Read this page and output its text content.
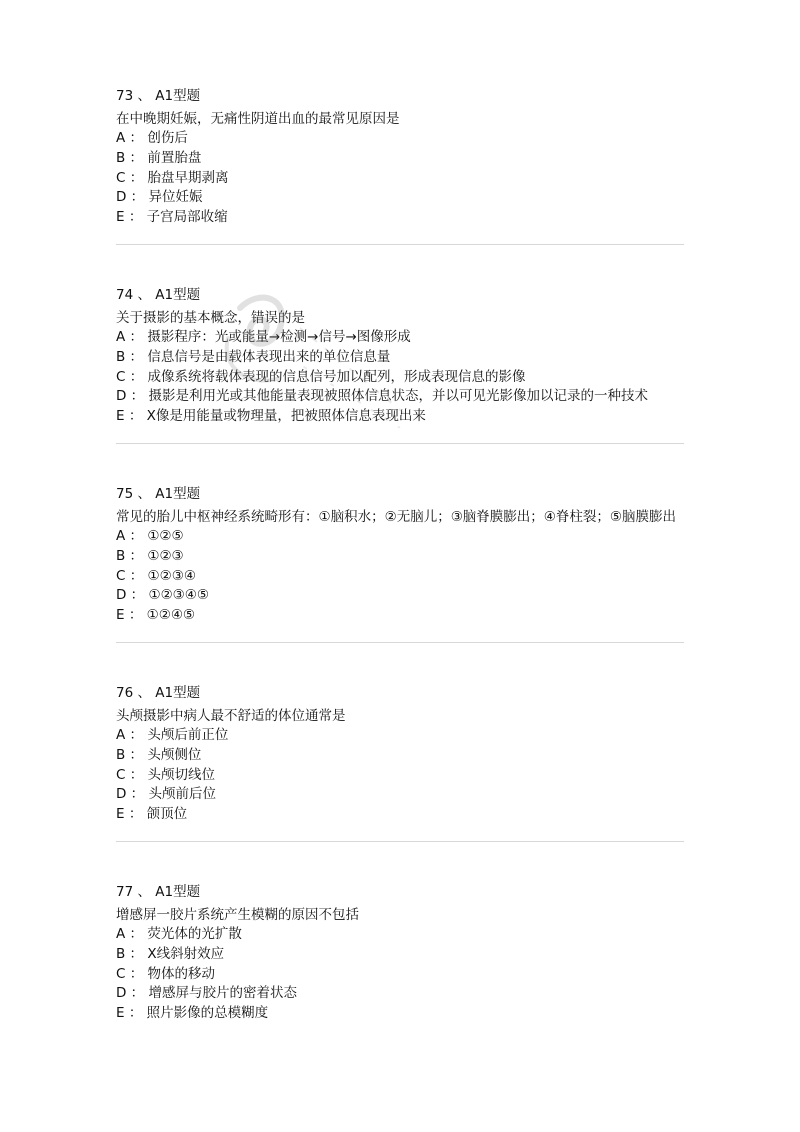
73 、 A1型题
在中晚期妊娠，无痛性阴道出血的最常见原因是
A ： 创伤后
B ： 前置胎盘
C ： 胎盘早期剥离
D ： 异位妊娠
E ： 子宫局部收缩
74 、 A1型题
关于摄影的基本概念，错误的是
A ： 摄影程序：光或能量→检测→信号→图像形成
B ： 信息信号是由载体表现出来的单位信息量
C ： 成像系统将载体表现的信息信号加以配列，形成表现信息的影像
D ： 摄影是利用光或其他能量表现被照体信息状态，并以可见光影像加以记录的一种技术
E ： X像是用能量或物理量，把被照体信息表现出来
75 、 A1型题
常见的胎儿中枢神经系统畸形有：①脑积水；②无脑儿；③脑脊膜膨出；④脊柱裂；⑤脑膜膨出
A ： ①②⑤
B ： ①②③
C ： ①②③④
D ： ①②③④⑤
E ： ①②④⑤
76 、 A1型题
头颅摄影中病人最不舒适的体位通常是
A ： 头颅后前正位
B ： 头颅侧位
C ： 头颅切线位
D ： 头颅前后位
E ： 颌顶位
77 、 A1型题
增感屏一胶片系统产生模糊的原因不包括
A ： 荧光体的光扩散
B ： X线斜射效应
C ： 物体的移动
D ： 增感屏与胶片的密着状态
E ： 照片影像的总模糊度
